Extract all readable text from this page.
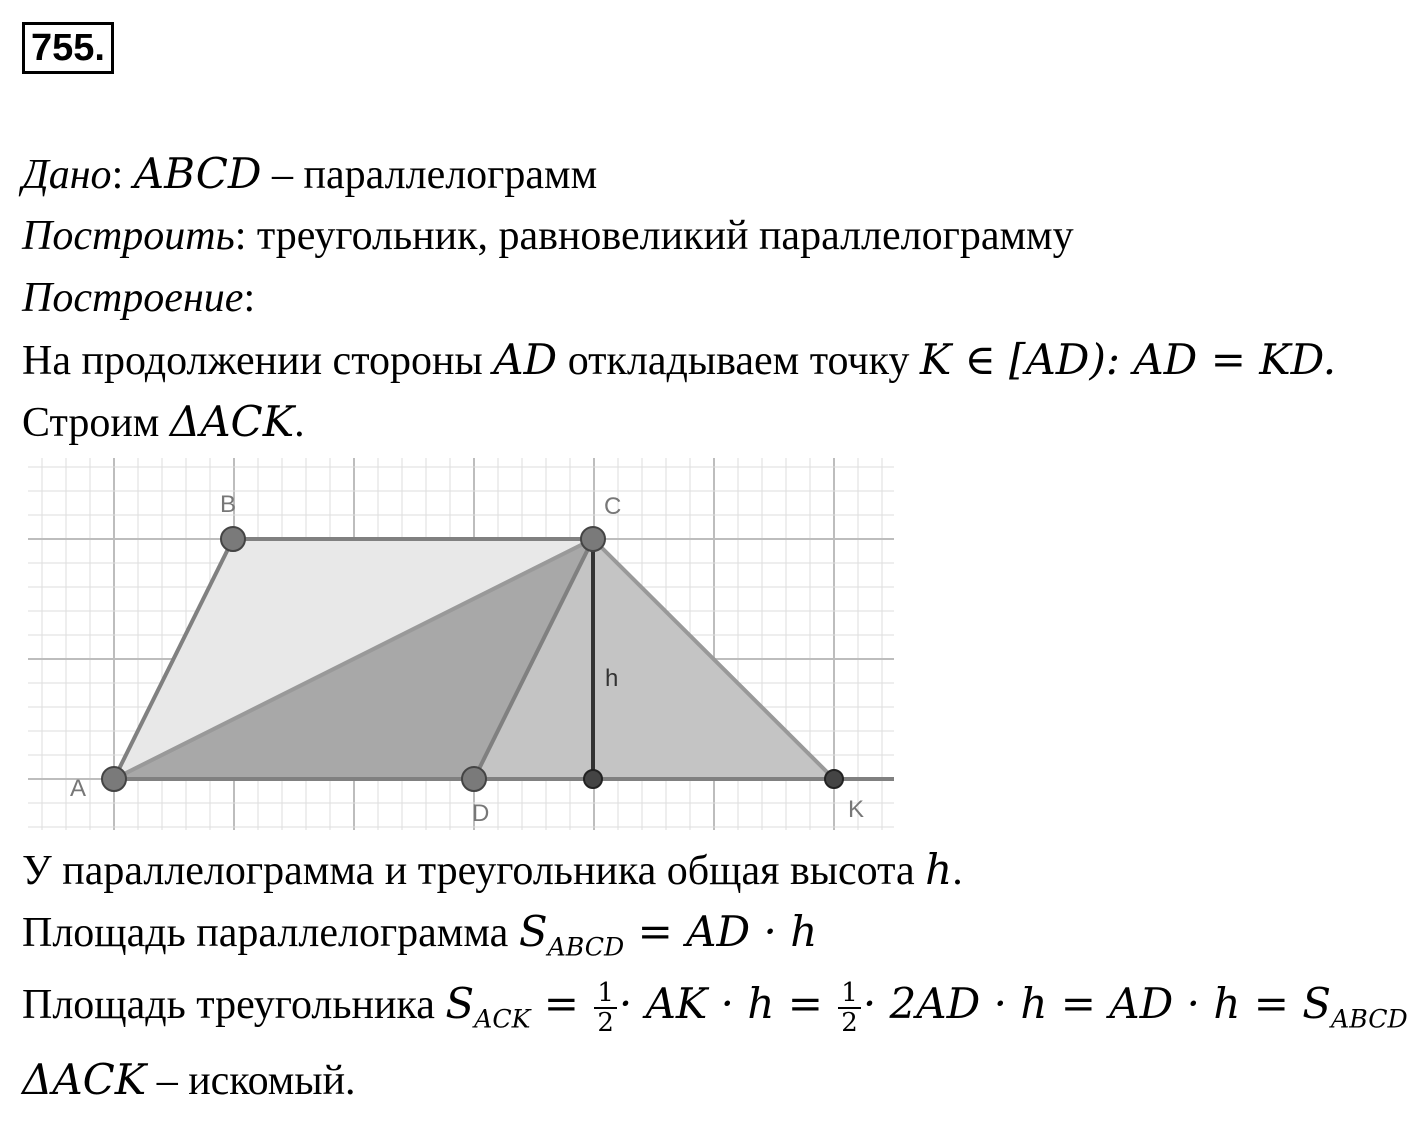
755.
Дано: ABCD – параллелограмм
Построить: треугольник, равновеликий параллелограмму
Построение:
На продолжении стороны AD откладываем точку K ∈ [AD): AD = KD.
Строим ΔACK.
A
B	C
D	K
h
У параллелограмма и треугольника общая высота h.
Площадь параллелограмма $S_{ABCD}$ = AD · h
Площадь треугольника $S_{ACK} = \frac{1}{2}$ · AK · $h = \frac{1}{2} \cdot 2AD \cdot h$ = AD · $h = S_{ABCD}$
ΔACK – искомый.
